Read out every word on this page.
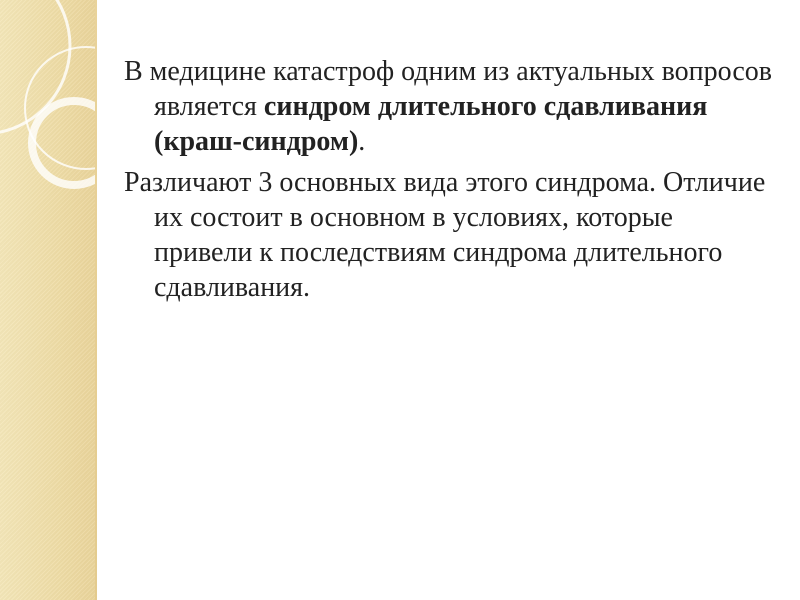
В медицине катастроф одним из актуальных вопросов является синдром длительного сдавливания (краш-синдром).

Различают 3 основных вида этого синдрома. Отличие их состоит в основном в условиях, которые привели к последствиям синдрома длительного сдавливания.
